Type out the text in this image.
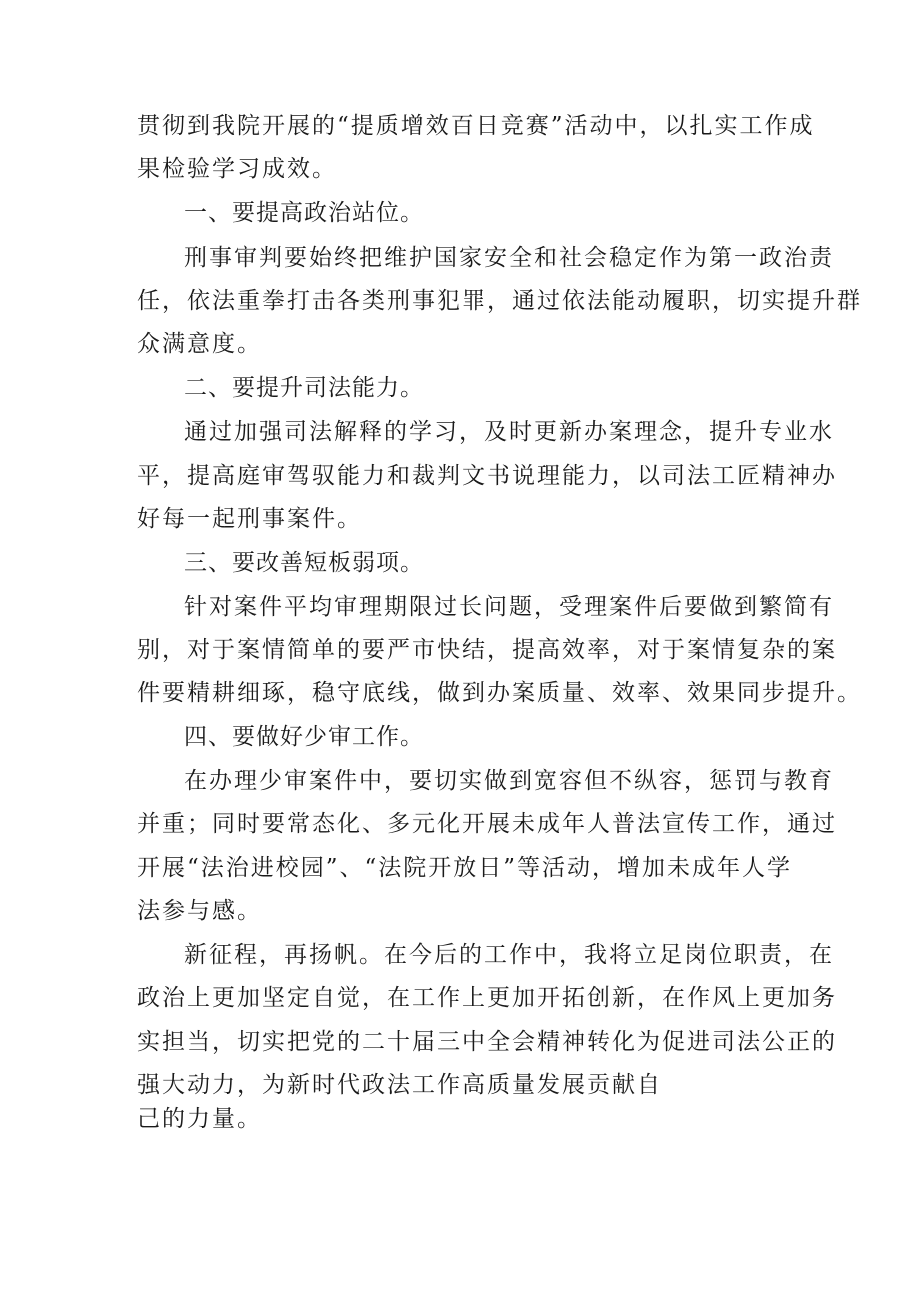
贯彻到我院开展的“提质增效百日竞赛”活动中，以扎实工作成
果检验学习成效。
一、要提高政治站位。
刑事审判要始终把维护国家安全和社会稳定作为第一政治责
任，依法重拳打击各类刑事犯罪，通过依法能动履职，切实提升群
众满意度。
二、要提升司法能力。
通过加强司法解释的学习，及时更新办案理念，提升专业水
平，提高庭审驾驭能力和裁判文书说理能力，以司法工匠精神办
好每一起刑事案件。
三、要改善短板弱项。
针对案件平均审理期限过长问题，受理案件后要做到繁简有
别，对于案情简单的要严市快结，提高效率，对于案情复杂的案
件要精耕细琢，稳守底线，做到办案质量、效率、效果同步提升。
四、要做好少审工作。
在办理少审案件中，要切实做到宽容但不纵容，惩罚与教育
并重；同时要常态化、多元化开展未成年人普法宣传工作，通过
开展“法治进校园”、“法院开放日”等活动，增加未成年人学
法参与感。
新征程，再扬帆。在今后的工作中，我将立足岗位职责，在
政治上更加坚定自觉，在工作上更加开拓创新，在作风上更加务
实担当，切实把党的二十届三中全会精神转化为促进司法公正的
强大动力，为新时代政法工作高质量发展贡献自
己的力量。
